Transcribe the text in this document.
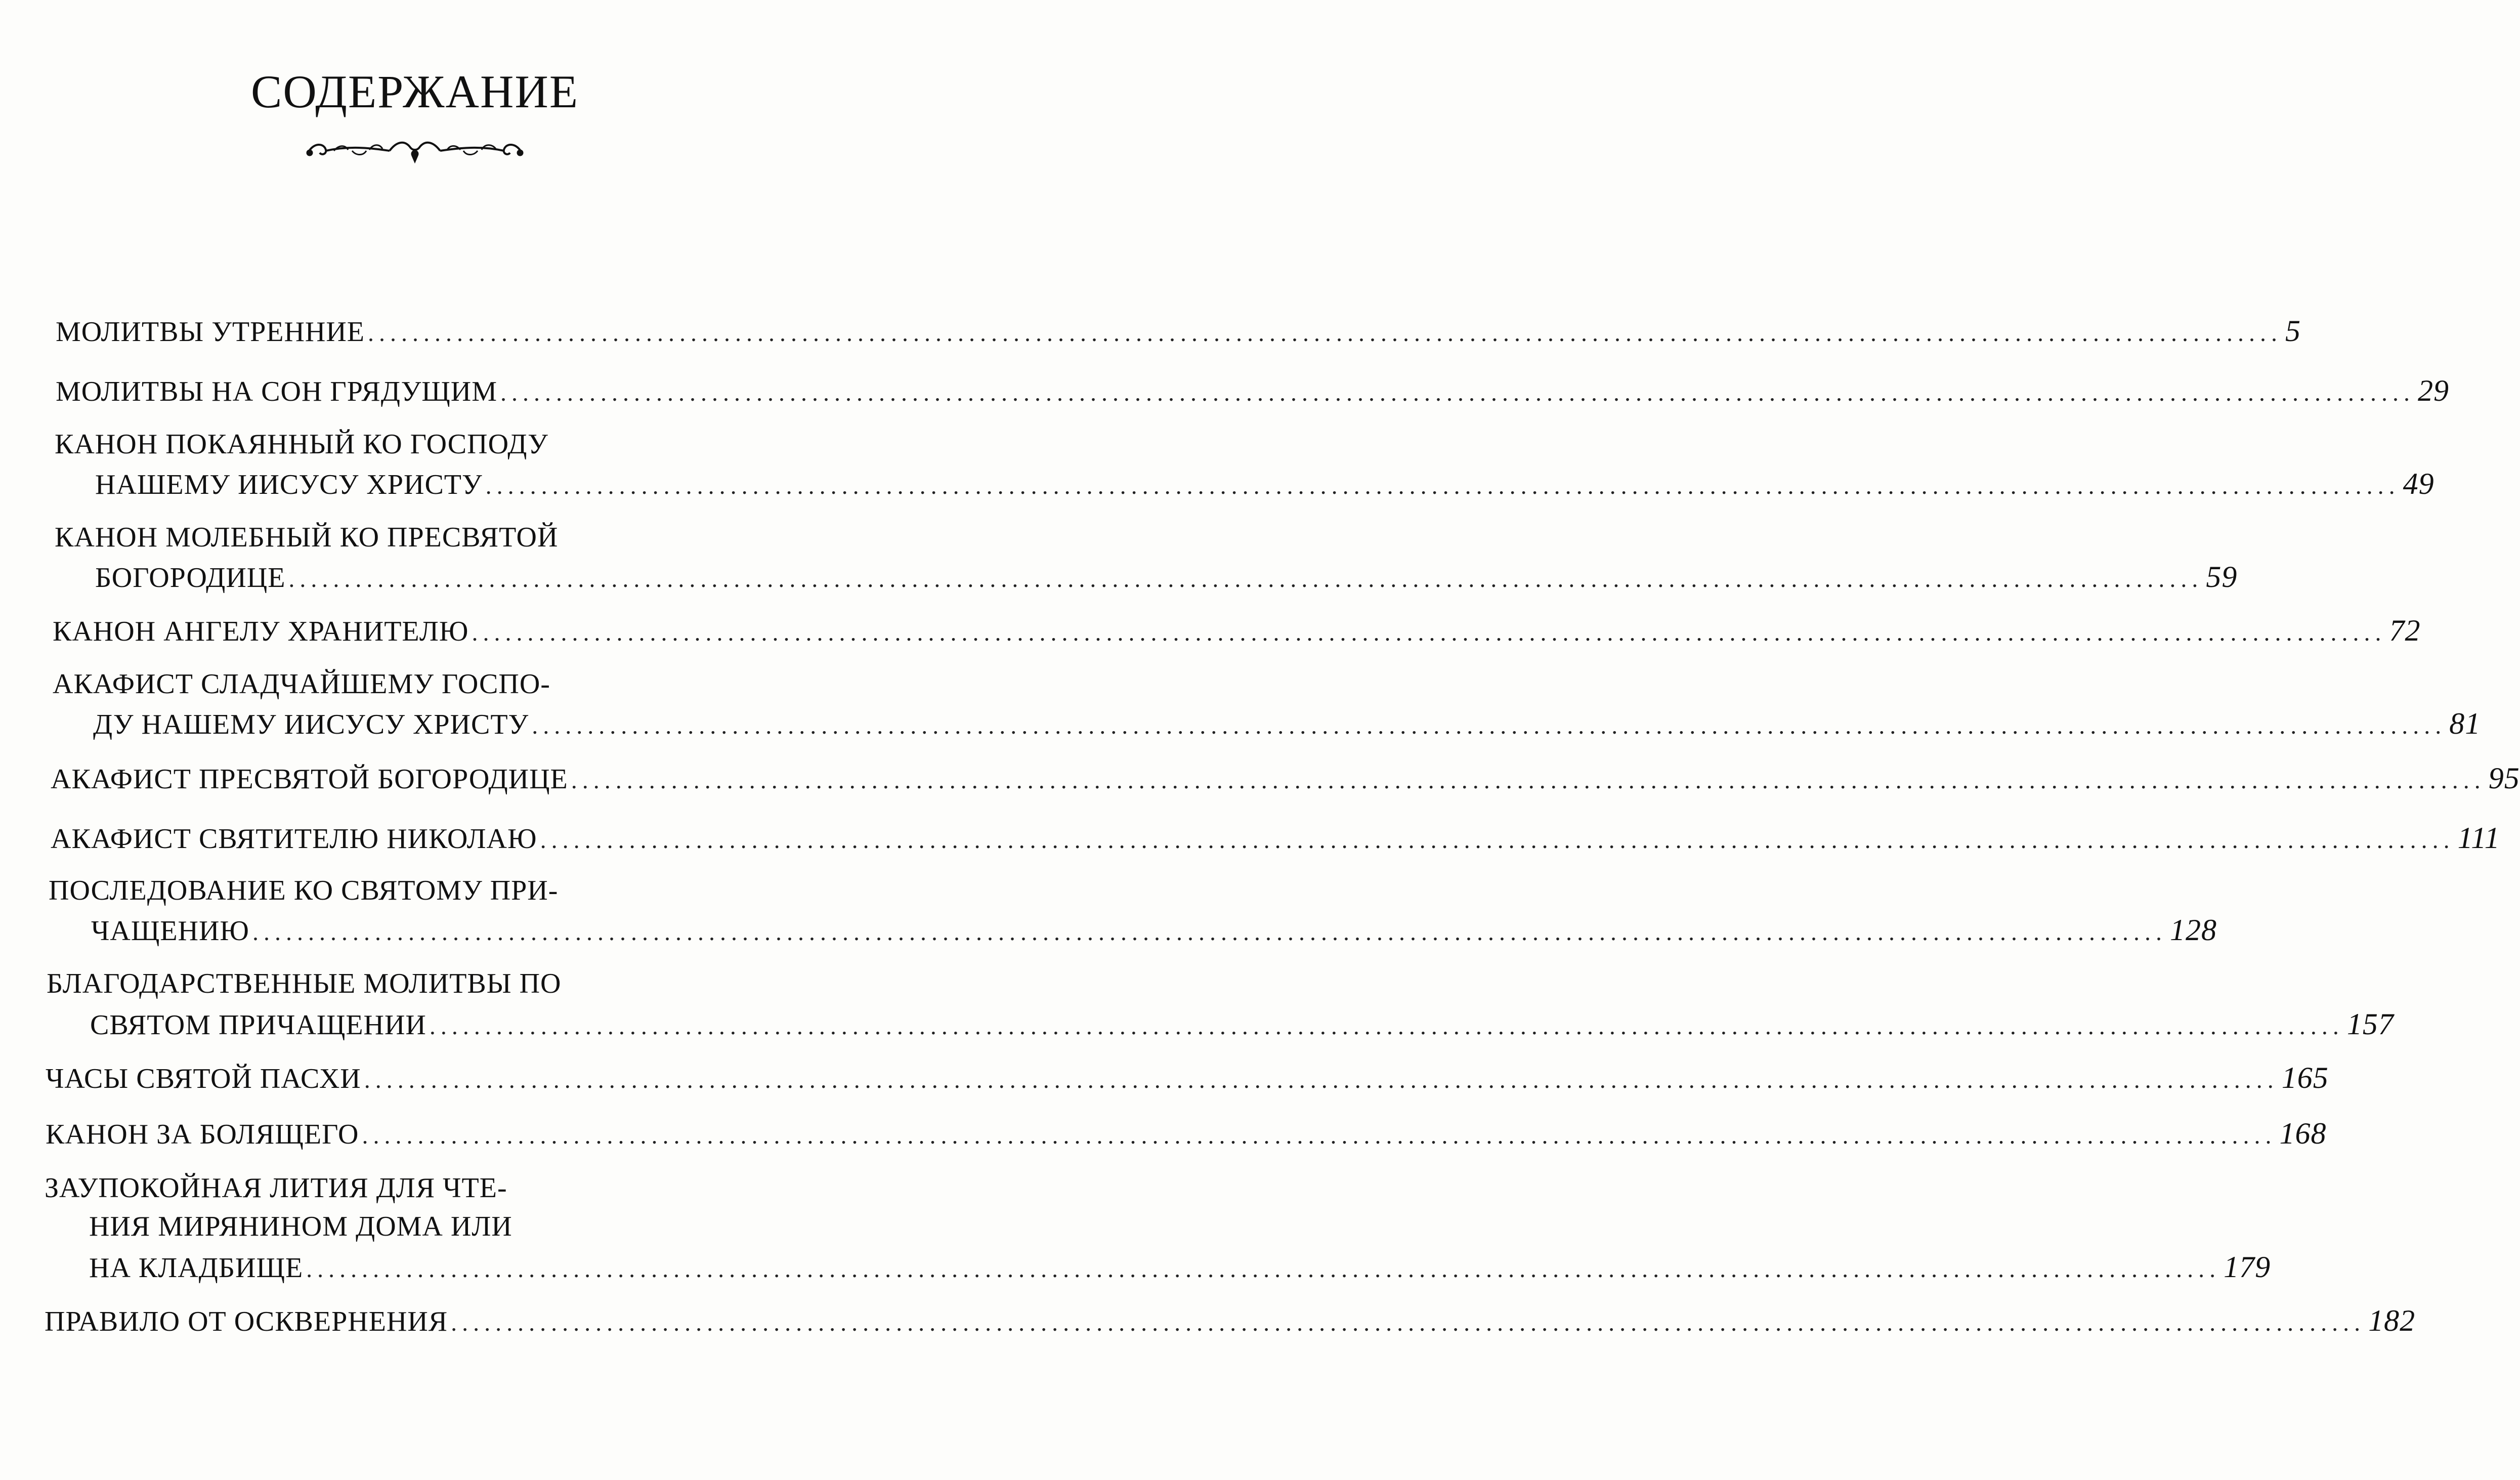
СОДЕРЖАНИЕ
МОЛИТВЫ УТРЕННИЕ ............................................................................................................................................................................ 5
МОЛИТВЫ НА СОН ГРЯДУЩИМ ............................................................................................................................................................................ 29
КАНОН ПОКАЯННЫЙ КО ГОСПОДУ
НАШЕМУ ИИСУСУ ХРИСТУ ............................................................................................................................................................................ 49
КАНОН МОЛЕБНЫЙ КО ПРЕСВЯТОЙ
БОГОРОДИЦЕ ............................................................................................................................................................................ 59
КАНОН АНГЕЛУ ХРАНИТЕЛЮ ............................................................................................................................................................................ 72
АКАФИСТ СЛАДЧАЙШЕМУ ГОСПО-
ДУ НАШЕМУ ИИСУСУ ХРИСТУ ............................................................................................................................................................................ 81
АКАФИСТ ПРЕСВЯТОЙ БОГОРОДИЦЕ ............................................................................................................................................................................ 95
АКАФИСТ СВЯТИТЕЛЮ НИКОЛАЮ ............................................................................................................................................................................ 111
ПОСЛЕДОВАНИЕ КО СВЯТОМУ ПРИ-
ЧАЩЕНИЮ ............................................................................................................................................................................ 128
БЛАГОДАРСТВЕННЫЕ МОЛИТВЫ ПО
СВЯТОМ ПРИЧАЩЕНИИ ............................................................................................................................................................................ 157
ЧАСЫ СВЯТОЙ ПАСХИ ............................................................................................................................................................................ 165
КАНОН ЗА БОЛЯЩЕГО ............................................................................................................................................................................ 168
ЗАУПОКОЙНАЯ ЛИТИЯ ДЛЯ ЧТЕ-
НИЯ МИРЯНИНОМ ДОМА ИЛИ
НА КЛАДБИЩЕ ............................................................................................................................................................................ 179
ПРАВИЛО ОТ ОСКВЕРНЕНИЯ ............................................................................................................................................................................ 182
